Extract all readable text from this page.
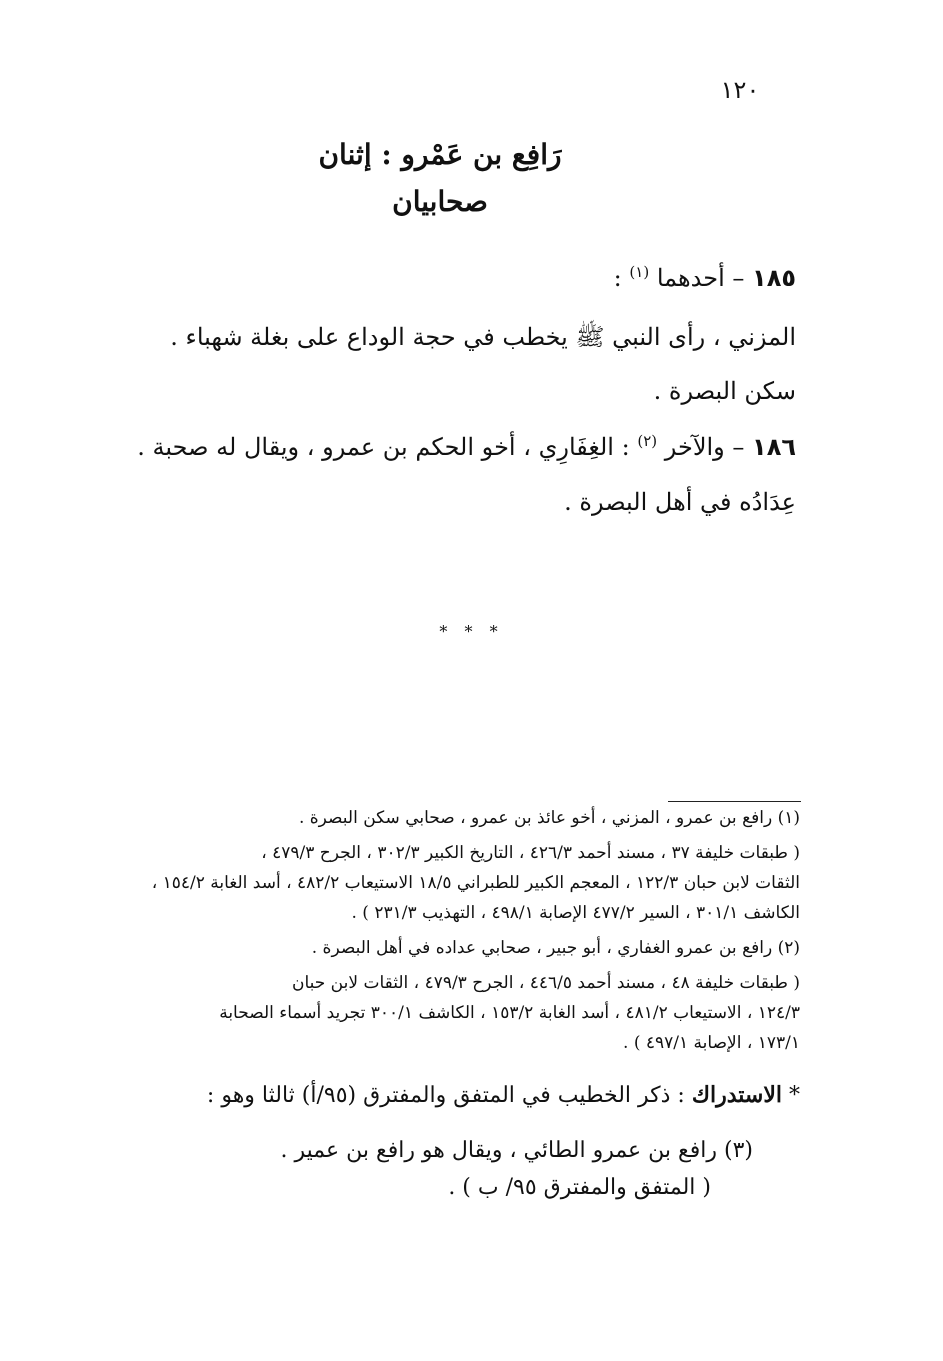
١٢٠
رَافِع بن عَمْرو : إثنان
صحابيان
١٨٥ – أحدهما $^{(١)}$ :
المزني ، رأى النبي ﷺ يخطب في حجة الوداع على بغلة شهباء .
سكن البصرة .
١٨٦ – والآخر $^{(٢)}$ : الغِفَارِي ، أخو الحكم بن عمرو ، ويقال له صحبة .
عِدَادُه في أهل البصرة .
* * *
(١) رافع بن عمرو ، المزني ، أخو عائذ بن عمرو ، صحابي سكن البصرة .
( طبقات خليفة ٣٧ ، مسند أحمد ٤٢٦/٣ ، التاريخ الكبير ٣٠٢/٣ ، الجرح ٤٧٩/٣ ،
الثقات لابن حبان ١٢٢/٣ ، المعجم الكبير للطبراني ١٨/٥ الاستيعاب ٤٨٢/٢ ، أسد الغابة ١٥٤/٢ ،
الكاشف ٣٠١/١ ، السير ٤٧٧/٢ الإصابة ٤٩٨/١ ، التهذيب ٢٣١/٣ ) .
(٢) رافع بن عمرو الغفاري ، أبو جبير ، صحابي عداده في أهل البصرة .
( طبقات خليفة ٤٨ ، مسند أحمد ٤٤٦/٥ ، الجرح ٤٧٩/٣ ، الثقات لابن حبان
١٢٤/٣ ، الاستيعاب ٤٨١/٢ ، أسد الغابة ١٥٣/٢ ، الكاشف ٣٠٠/١ تجريد أسماء الصحابة
١٧٣/١ ، الإصابة ٤٩٧/١ ) .
* الاستدراك : ذكر الخطيب في المتفق والمفترق (٩٥/أ) ثالثا وهو :
(٣) رافع بن عمرو الطائي ، ويقال هو رافع بن عمير .
( المتفق والمفترق ٩٥/ ب ) .
